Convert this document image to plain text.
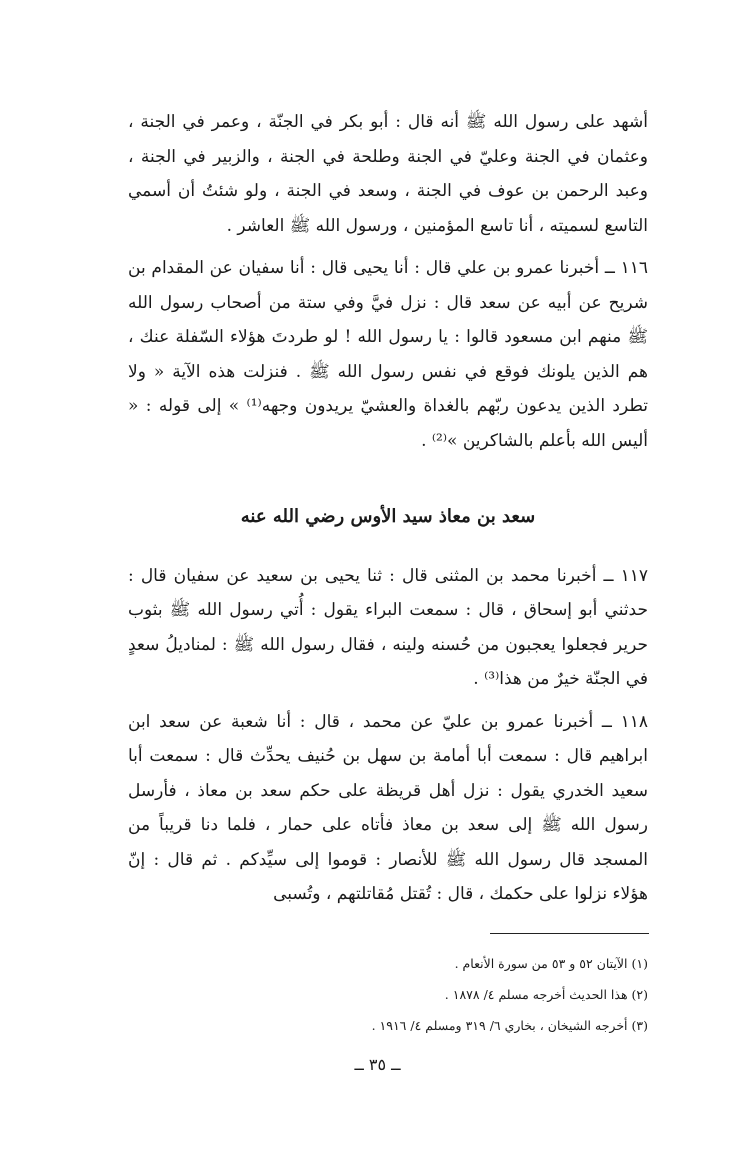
أشهد على رسول الله ﷺ أنه قال : أبو بكر في الجنّة ، وعمر في الجنة ، وعثمان في الجنة وعليّ في الجنة وطلحة في الجنة ، والزبير في الجنة ، وعبد الرحمن بن عوف في الجنة ، وسعد في الجنة ، ولو شئتُ أن أسمي التاسع لسميته ، أنا تاسع المؤمنين ، ورسول الله ﷺ العاشر .

١١٦ ــ أخبرنا عمرو بن علي قال : أنا يحيى قال : أنا سفيان عن المقدام بن شريح عن أبيه عن سعد قال : نزل فيَّ وفي ستة من أصحاب رسول الله ﷺ منهم ابن مسعود قالوا : يا رسول الله ! لو طردتَ هؤلاء السّفلة عنك ، هم الذين يلونك فوقع في نفس رسول الله ﷺ . فنزلت هذه الآية « ولا تطرد الذين يدعون ربّهم بالغداة والعشيّ يريدون وجهه⁽¹⁾ » إلى قوله : « أليس الله بأعلم بالشاكرين »⁽²⁾ .

سعد بن معاذ سيد الأوس رضي الله عنه

١١٧ ــ أخبرنا محمد بن المثنى قال : ثنا يحيى بن سعيد عن سفيان قال : حدثني أبو إسحاق ، قال : سمعت البراء يقول : أُتي رسول الله ﷺ بثوب حرير فجعلوا يعجبون من حُسنه ولينه ، فقال رسول الله ﷺ : لمناديلُ سعدٍ في الجنّة خيرٌ من هذا⁽³⁾ .

١١٨ ــ أخبرنا عمرو بن عليّ عن محمد ، قال : أنا شعبة عن سعد ابن ابراهيم قال : سمعت أبا أمامة بن سهل بن حُنيف يحدِّث قال : سمعت أبا سعيد الخدري يقول : نزل أهل قريظة على حكم سعد بن معاذ ، فأرسل رسول الله ﷺ إلى سعد بن معاذ فأتاه على حمار ، فلما دنا قريباً من المسجد قال رسول الله ﷺ للأنصار : قوموا إلى سيِّدكم . ثم قال : إنّ هؤلاء نزلوا على حكمك ، قال : تُقتل مُقاتلتهم ، وتُسبى

(١) الآيتان ٥٢ و ٥٣ من سورة الأنعام .

(٢) هذا الحديث أخرجه مسلم ٤/ ١٨٧٨ .

(٣) أخرجه الشيخان ، بخاري ٦/ ٣١٩ ومسلم ٤/ ١٩١٦ .

ــ ٣٥ ــ
